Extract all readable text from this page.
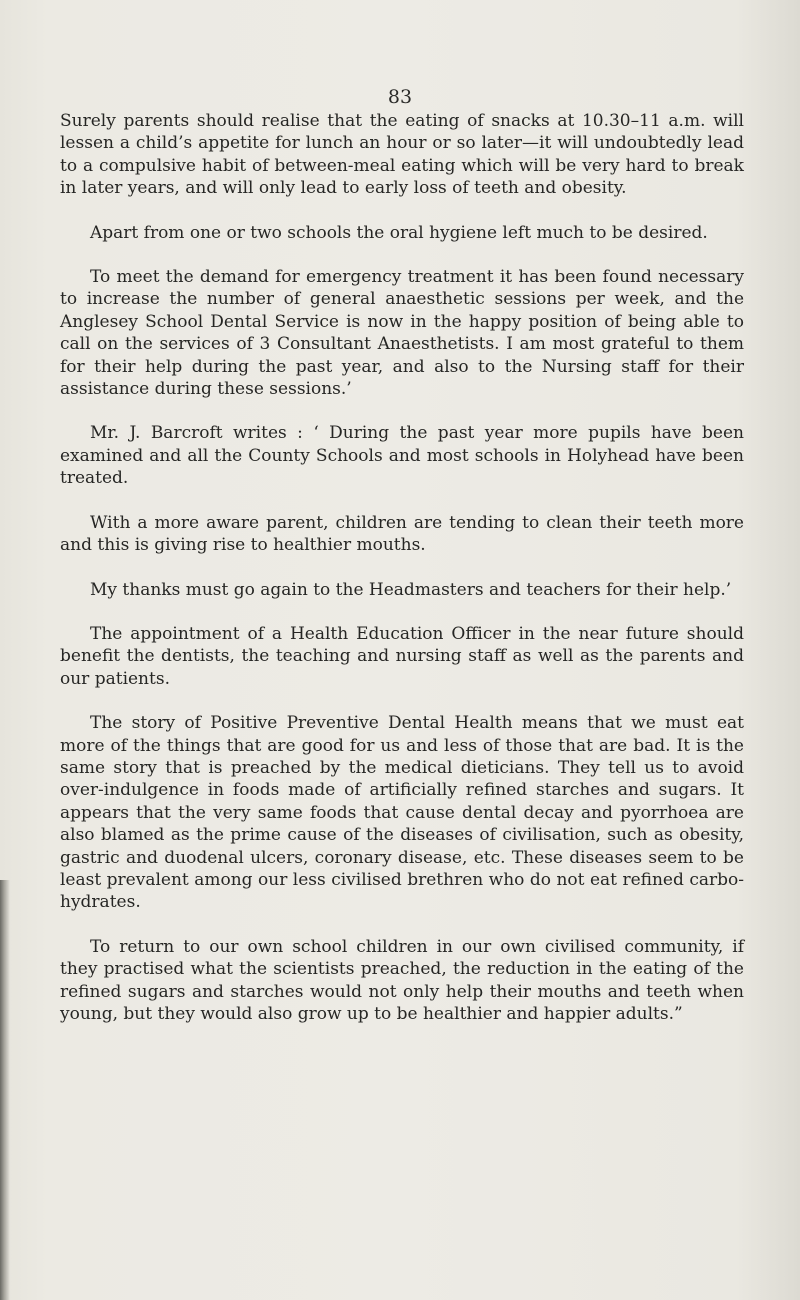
83

Surely parents should realise that the eating of snacks at 10.30–11 a.m. will lessen a child’s appetite for lunch an hour or so later—it will undoubtedly lead to a compulsive habit of between-meal eating which will be very hard to break in later years, and will only lead to early loss of teeth and obesity.

Apart from one or two schools the oral hygiene left much to be desired.

To meet the demand for emergency treatment it has been found necessary to increase the number of general anaesthetic sessions per week, and the Anglesey School Dental Service is now in the happy position of being able to call on the services of 3 Consultant Anaesthetists. I am most grateful to them for their help during the past year, and also to the Nursing staff for their assistance during these sessions.’

Mr. J. Barcroft writes : ‘ During the past year more pupils have been examined and all the County Schools and most schools in Holyhead have been treated.

With a more aware parent, children are tending to clean their teeth more and this is giving rise to healthier mouths.

My thanks must go again to the Headmasters and teachers for their help.’

The appointment of a Health Education Officer in the near future should benefit the dentists, the teaching and nursing staff as well as the parents and our patients.

The story of Positive Preventive Dental Health means that we must eat more of the things that are good for us and less of those that are bad. It is the same story that is preached by the medical dieticians. They tell us to avoid over-indulgence in foods made of artificially refined starches and sugars. It appears that the very same foods that cause dental decay and pyorrhoea are also blamed as the prime cause of the diseases of civilisation, such as obesity, gastric and duodenal ulcers, coronary disease, etc. These diseases seem to be least prevalent among our less civilised brethren who do not eat refined carbohydrates.

To return to our own school children in our own civilised community, if they practised what the scientists preached, the reduction in the eating of the refined sugars and starches would not only help their mouths and teeth when young, but they would also grow up to be healthier and happier adults.”
